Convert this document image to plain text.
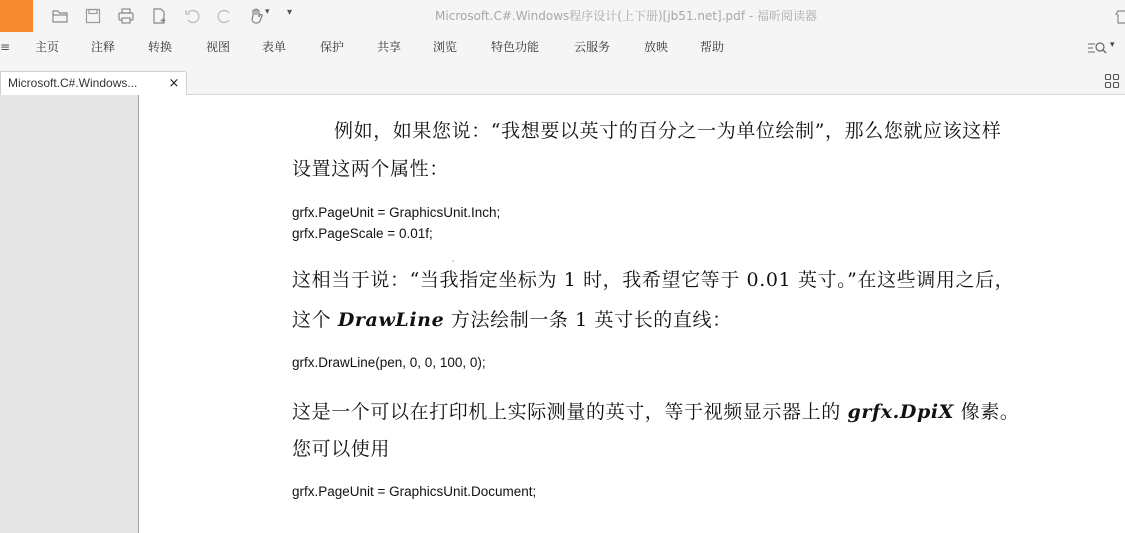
▾ ▾	Microsoft.C#.Windows程序设计(上下册)[jb51.net].pdf - 福昕阅读器
≡ 主页	注释	转换	视图	表单	保护	共享	浏览	特色功能	云服务	放映	帮助	▾
Microsoft.C#.Windows... ×

例如，如果您说：“我想要以英寸的百分之一为单位绘制”，那么您就应该这样

设置这两个属性：

grfx.PageUnit = GraphicsUnit.Inch;

grfx.PageScale = 0.01f;

ˌ

这相当于说：“当我指定坐标为 1 时，我希望它等于 0.01 英寸。”在这些调用之后，

这个 DrawLine 方法绘制一条 1 英寸长的直线：

grfx.DrawLine(pen, 0, 0, 100, 0);

这是一个可以在打印机上实际测量的英寸，等于视频显示器上的 grfx.DpiX 像素。

您可以使用

grfx.PageUnit = GraphicsUnit.Document;
